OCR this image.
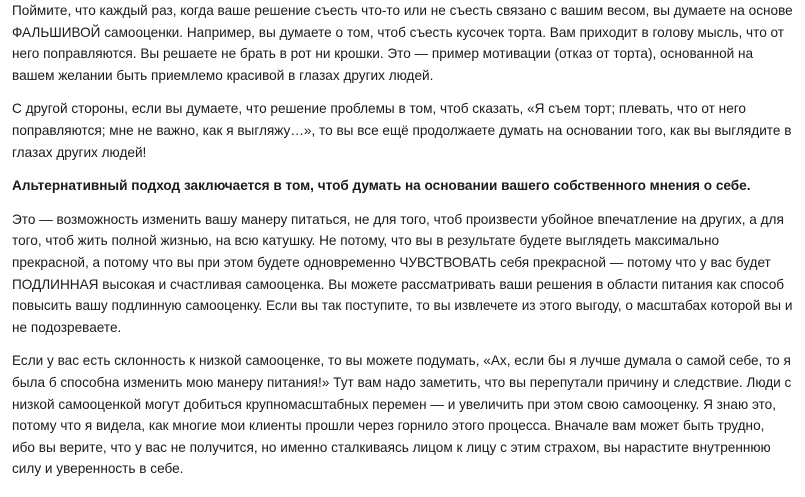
Поймите, что каждый раз, когда ваше решение съесть что-то или не съесть связано с вашим весом, вы думаете на основе
ФАЛЬШИВОЙ самооценки. Например, вы думаете о том, чтоб съесть кусочек торта. Вам приходит в голову мысль, что от
него поправляются. Вы решаете не брать в рот ни крошки. Это — пример мотивации (отказ от торта), основанной на
вашем желании быть приемлемо красивой в глазах других людей.

С другой стороны, если вы думаете, что решение проблемы в том, чтоб сказать, «Я съем торт; плевать, что от него
поправляются; мне не важно, как я выгляжу…», то вы все ещё продолжаете думать на основании того, как вы выглядите в
глазах других людей!

Альтернативный подход заключается в том, чтоб думать на основании вашего собственного мнения о себе.

Это — возможность изменить вашу манеру питаться, не для того, чтоб произвести убойное впечатление на других, а для
того, чтоб жить полной жизнью, на всю катушку. Не потому, что вы в результате будете выглядеть максимально
прекрасной, а потому что вы при этом будете одновременно ЧУВСТВОВАТЬ себя прекрасной — потому что у вас будет
ПОДЛИННАЯ высокая и счастливая самооценка. Вы можете рассматривать ваши решения в области питания как способ
повысить вашу подлинную самооценку. Если вы так поступите, то вы извлечете из этого выгоду, о масштабах которой вы и
не подозреваете.

Если у вас есть склонность к низкой самооценке, то вы можете подумать, «Ах, если бы я лучше думала о самой себе, то я
была б способна изменить мою манеру питания!» Тут вам надо заметить, что вы перепутали причину и следствие. Люди с
низкой самооценкой могут добиться крупномасштабных перемен — и увеличить при этом свою самооценку. Я знаю это,
потому что я видела, как многие мои клиенты прошли через горнило этого процесса. Вначале вам может быть трудно,
ибо вы верите, что у вас не получится, но именно сталкиваясь лицом к лицу с этим страхом, вы нарастите внутреннюю
силу и уверенность в себе.
